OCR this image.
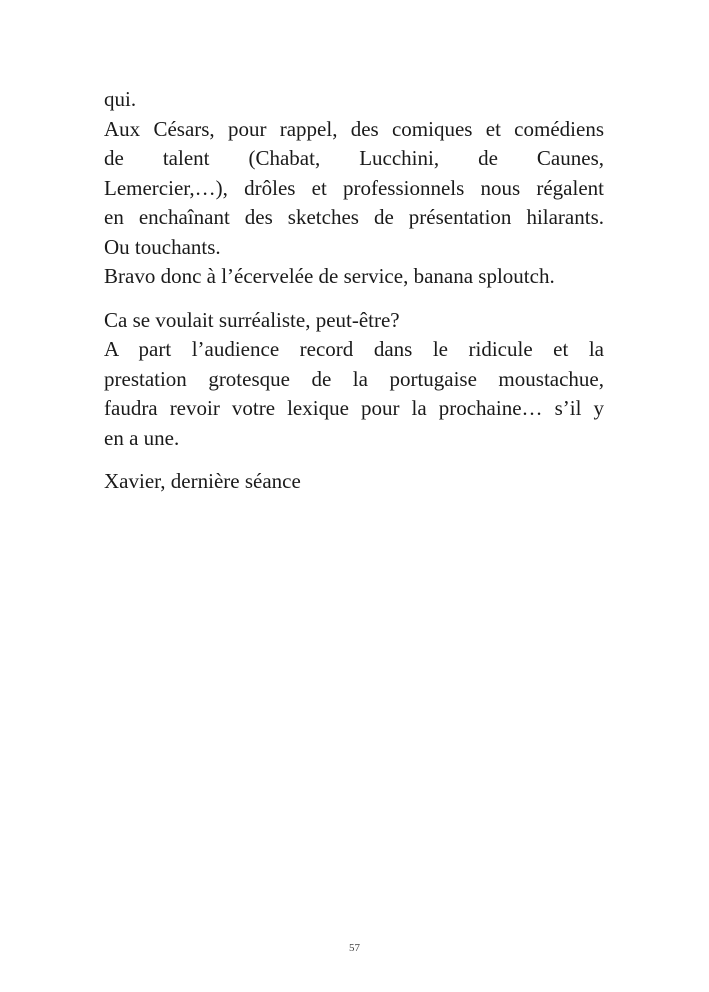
qui.
Aux Césars, pour rappel, des comiques et comédiens
de talent (Chabat, Lucchini, de Caunes,
Lemercier,…), drôles et professionnels nous régalent
en enchaînant des sketches de présentation hilarants.
Ou touchants.
Bravo donc à l’écervelée de service, banana sploutch.
Ca se voulait surréaliste, peut-être?
A part l’audience record dans le ridicule et la
prestation grotesque de la portugaise moustachue,
faudra revoir votre lexique pour la prochaine… s’il y
en a une.
Xavier, dernière séance
57
